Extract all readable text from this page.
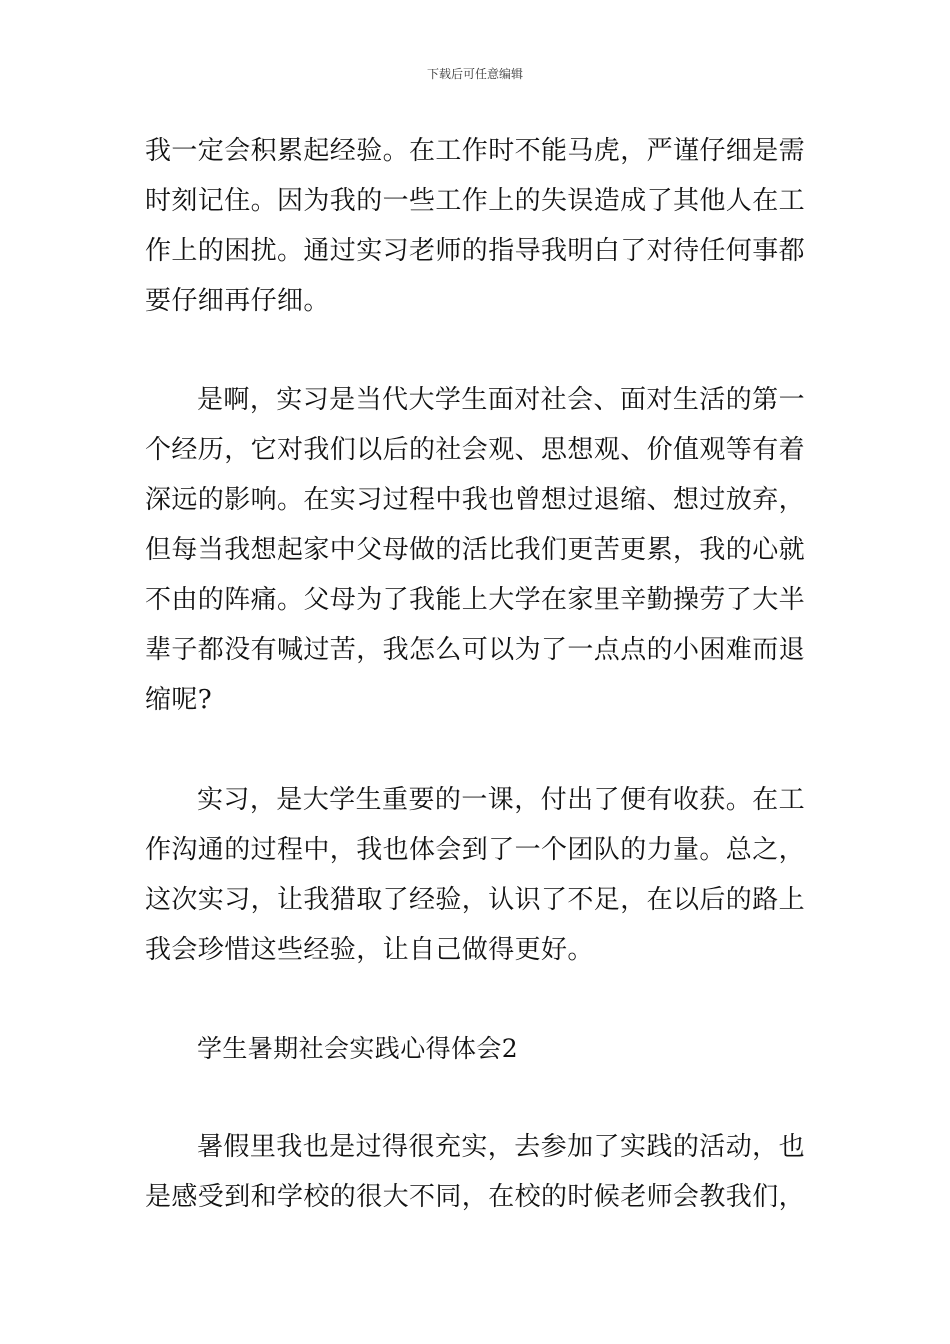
下载后可任意编辑

我一定会积累起经验。在工作时不能马虎，严谨仔细是需时刻记住。因为我的一些工作上的失误造成了其他人在工作上的困扰。通过实习老师的指导我明白了对待任何事都要仔细再仔细。

是啊，实习是当代大学生面对社会、面对生活的第一个经历，它对我们以后的社会观、思想观、价值观等有着深远的影响。在实习过程中我也曾想过退缩、想过放弃，但每当我想起家中父母做的活比我们更苦更累，我的心就不由的阵痛。父母为了我能上大学在家里辛勤操劳了大半辈子都没有喊过苦，我怎么可以为了一点点的小困难而退缩呢?

实习，是大学生重要的一课，付出了便有收获。在工作沟通的过程中，我也体会到了一个团队的力量。总之，这次实习，让我猎取了经验，认识了不足，在以后的路上我会珍惜这些经验，让自己做得更好。

学生暑期社会实践心得体会2

暑假里我也是过得很充实，去参加了实践的活动，也是感受到和学校的很大不同，在校的时候老师会教我们，
